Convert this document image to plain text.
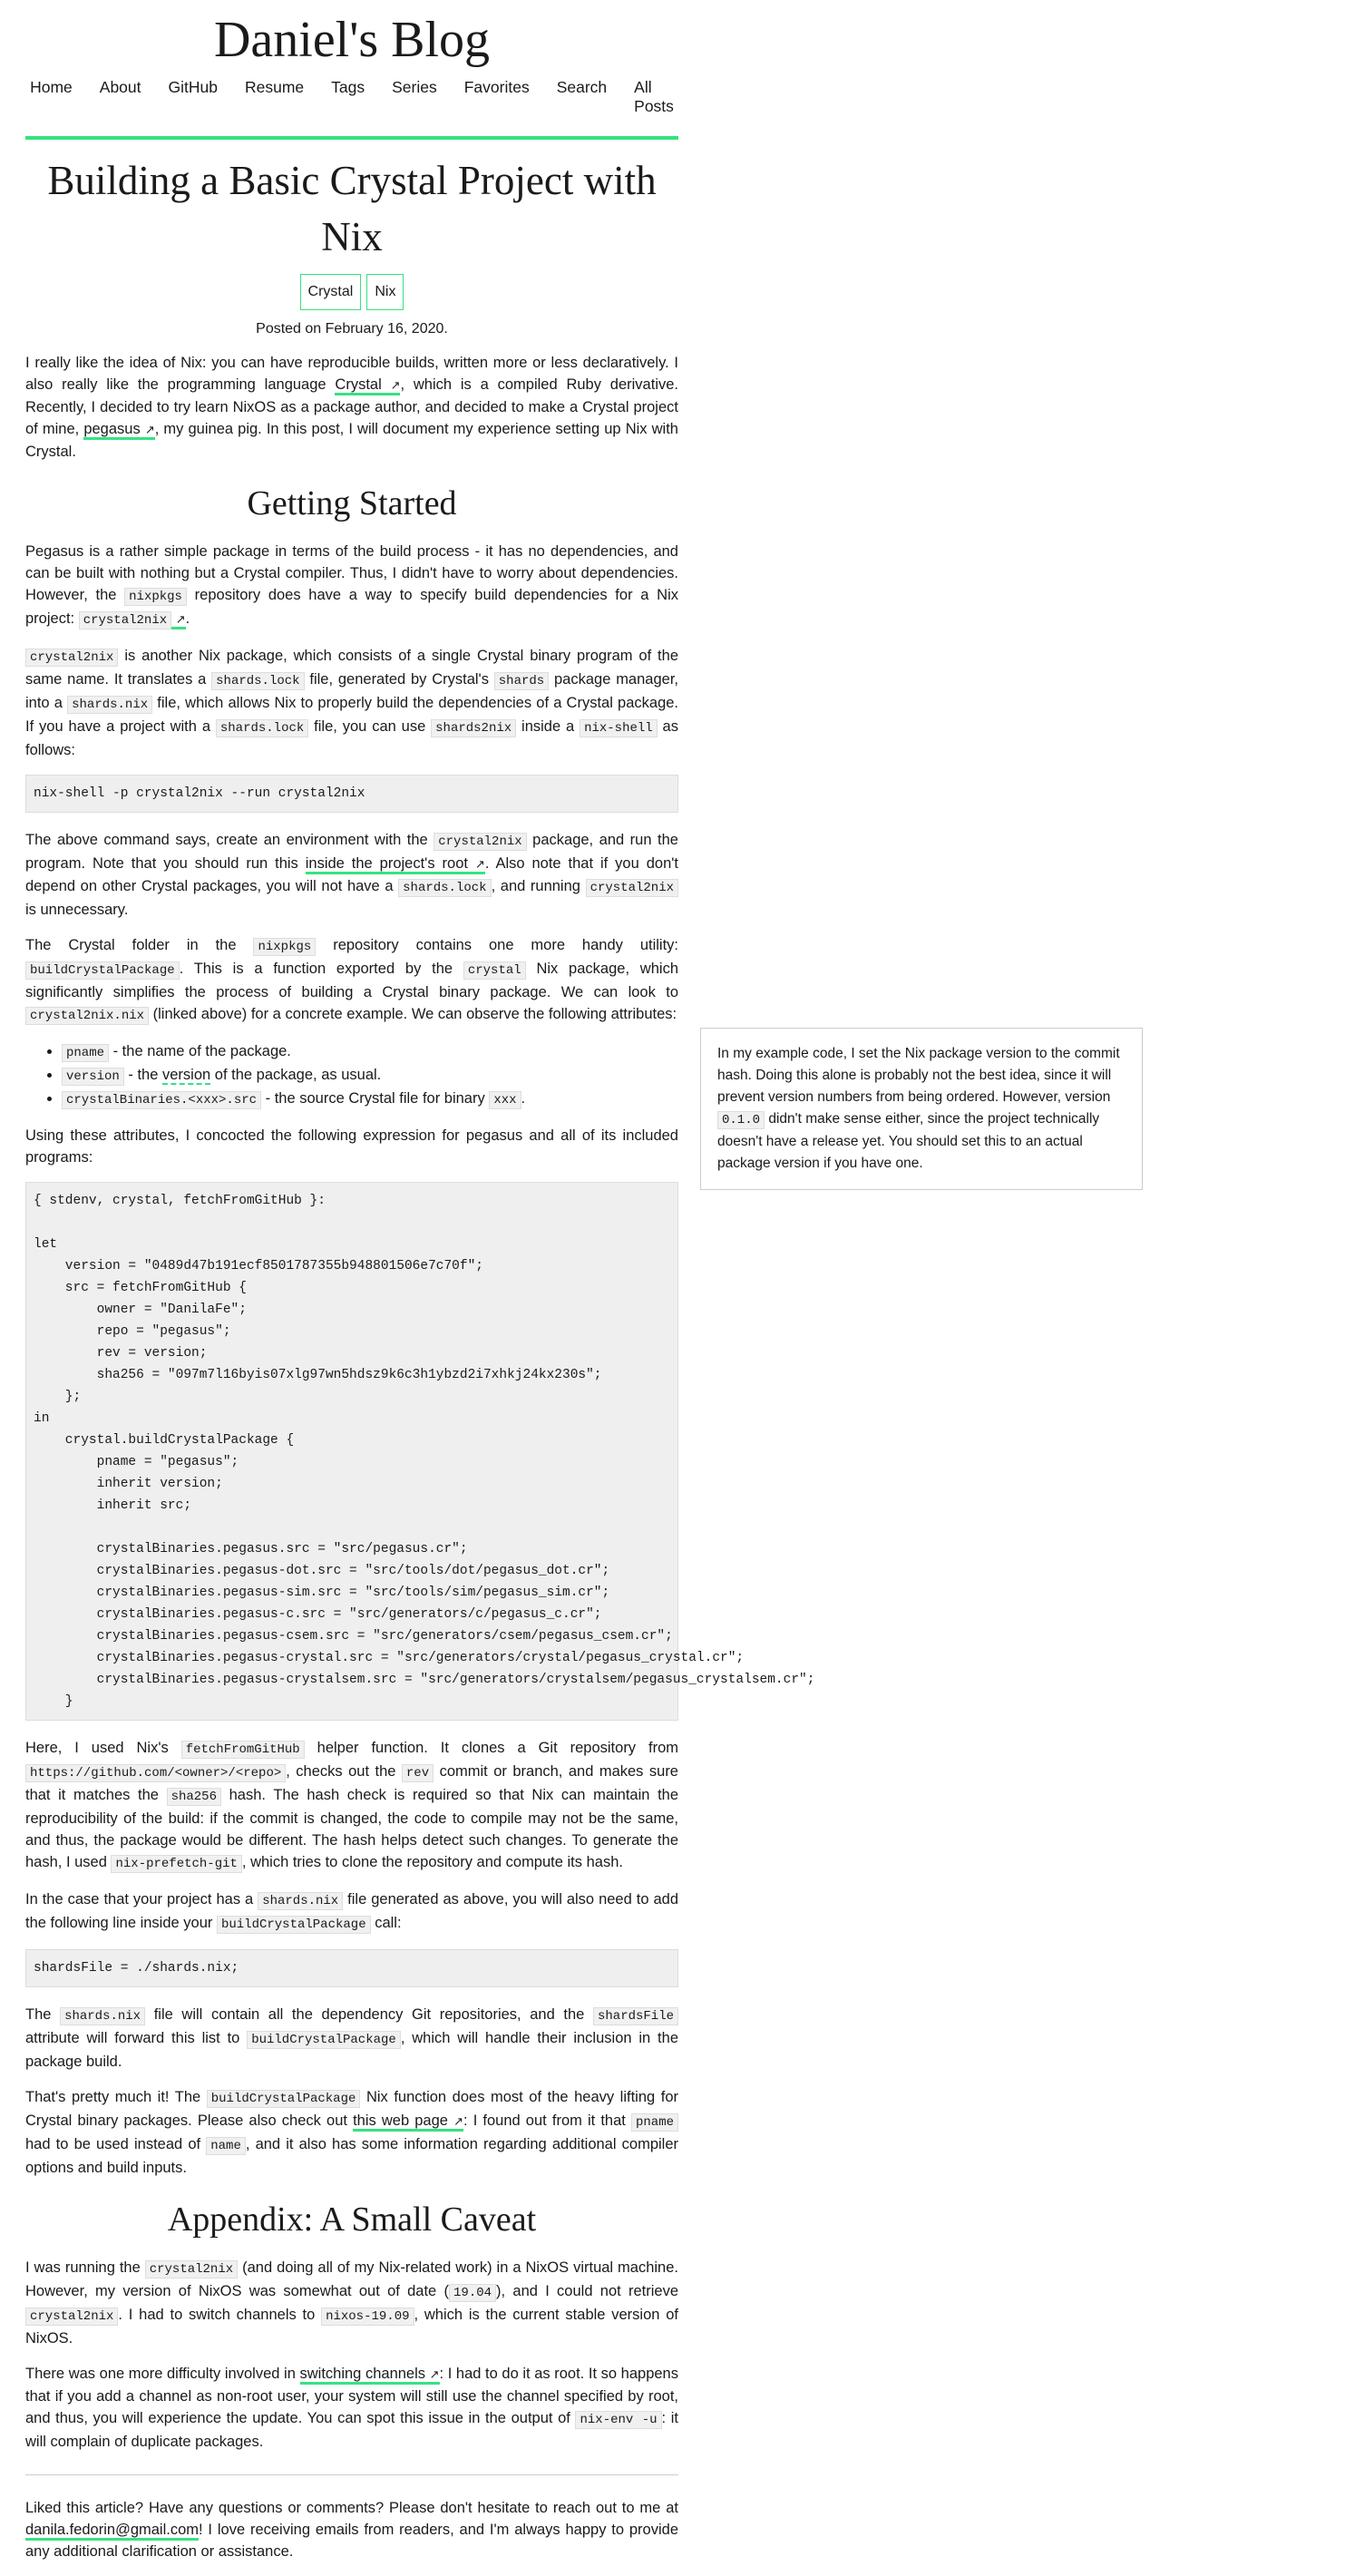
Daniel's Blog
Home About GitHub Resume Tags Series Favorites Search All Posts
Building a Basic Crystal Project with Nix
Crystal	Nix
Posted on February 16, 2020.

I really like the idea of Nix: you can have reproducible builds, written more or less declaratively. I also really like the programming language Crystal ↗, which is a compiled Ruby derivative. Recently, I decided to try learn NixOS as a package author, and decided to make a Crystal project of mine, pegasus ↗, my guinea pig. In this post, I will document my experience setting up Nix with Crystal.

Getting Started

Pegasus is a rather simple package in terms of the build process - it has no dependencies, and can be built with nothing but a Crystal compiler. Thus, I didn't have to worry about dependencies. However, the nixpkgs repository does have a way to specify build dependencies for a Nix project: crystal2nix ↗.

crystal2nix is another Nix package, which consists of a single Crystal binary program of the same name. It translates a shards.lock file, generated by Crystal's shards package manager, into a shards.nix file, which allows Nix to properly build the dependencies of a Crystal package. If you have a project with a shards.lock file, you can use shards2nix inside a nix-shell as follows:

nix-shell -p crystal2nix --run crystal2nix

The above command says, create an environment with the crystal2nix package, and run the program. Note that you should run this inside the project's root ↗. Also note that if you don't depend on other Crystal packages, you will not have a shards.lock , and running crystal2nix is unnecessary.

The Crystal folder in the nixpkgs repository contains one more handy utility: buildCrystalPackage . This is a function exported by the crystal Nix package, which significantly simplifies the process of building a Crystal binary package. We can look to crystal2nix.nix (linked above) for a concrete example. We can observe the following attributes:

• pname - the name of the package.
• version - the version of the package, as usual.
• crystalBinaries.<xxx>.src - the source Crystal file for binary xxx .

Using these attributes, I concocted the following expression for pegasus and all of its included programs:

{ stdenv, crystal, fetchFromGitHub }:

let
version = "0489d47b191ecf8501787355b948801506e7c70f";
src = fetchFromGitHub {
owner = "DanilaFe";
repo = "pegasus";
rev = version;
sha256 = "097m7l16byis07xlg97wn5hdsz9k6c3h1ybzd2i7xhkj24kx230s";
};
in
crystal.buildCrystalPackage {
pname = "pegasus";
inherit version;
inherit src;

crystalBinaries.pegasus.src = "src/pegasus.cr";
crystalBinaries.pegasus-dot.src = "src/tools/dot/pegasus_dot.cr";
crystalBinaries.pegasus-sim.src = "src/tools/sim/pegasus_sim.cr";
crystalBinaries.pegasus-c.src = "src/generators/c/pegasus_c.cr";
crystalBinaries.pegasus-csem.src = "src/generators/csem/pegasus_csem.cr";
crystalBinaries.pegasus-crystal.src = "src/generators/crystal/pegasus_crystal.cr";
crystalBinaries.pegasus-crystalsem.src = "src/generators/crystalsem/pegasus_crystalsem.cr";
}

Here, I used Nix's fetchFromGitHub helper function. It clones a Git repository from https://github.com/<owner>/<repo> , checks out the rev commit or branch, and makes sure that it matches the sha256 hash. The hash check is required so that Nix can maintain the reproducibility of the build: if the commit is changed, the code to compile may not be the same, and thus, the package would be different. The hash helps detect such changes. To generate the hash, I used nix-prefetch-git , which tries to clone the repository and compute its hash.

In the case that your project has a shards.nix file generated as above, you will also need to add the following line inside your buildCrystalPackage call:

shardsFile = ./shards.nix;

The shards.nix file will contain all the dependency Git repositories, and the shardsFile attribute will forward this list to buildCrystalPackage , which will handle their inclusion in the package build.

That's pretty much it! The buildCrystalPackage Nix function does most of the heavy lifting for Crystal binary packages. Please also check out this web page ↗: I found out from it that pname had to be used instead of name , and it also has some information regarding additional compiler options and build inputs.

Appendix: A Small Caveat

I was running the crystal2nix (and doing all of my Nix-related work) in a NixOS virtual machine. However, my version of NixOS was somewhat out of date ( 19.04 ), and I could not retrieve crystal2nix . I had to switch channels to nixos-19.09 , which is the current stable version of NixOS.

There was one more difficulty involved in switching channels ↗: I had to do it as root. It so happens that if you add a channel as non-root user, your system will still use the channel specified by root, and thus, you will experience the update. You can spot this issue in the output of nix-env -u : it will complain of duplicate packages.

Liked this article? Have any questions or comments? Please don't hesitate to reach out to me at danila.fedorin@gmail.com! I love receiving emails from readers, and I'm always happy to provide any additional clarification or assistance.

In my example code, I set the Nix package version to the commit hash. Doing this alone is probably not the best idea, since it will prevent version numbers from being ordered. However, version 0.1.0 didn't make sense either, since the project technically doesn't have a release yet. You should set this to an actual package version if you have one.
